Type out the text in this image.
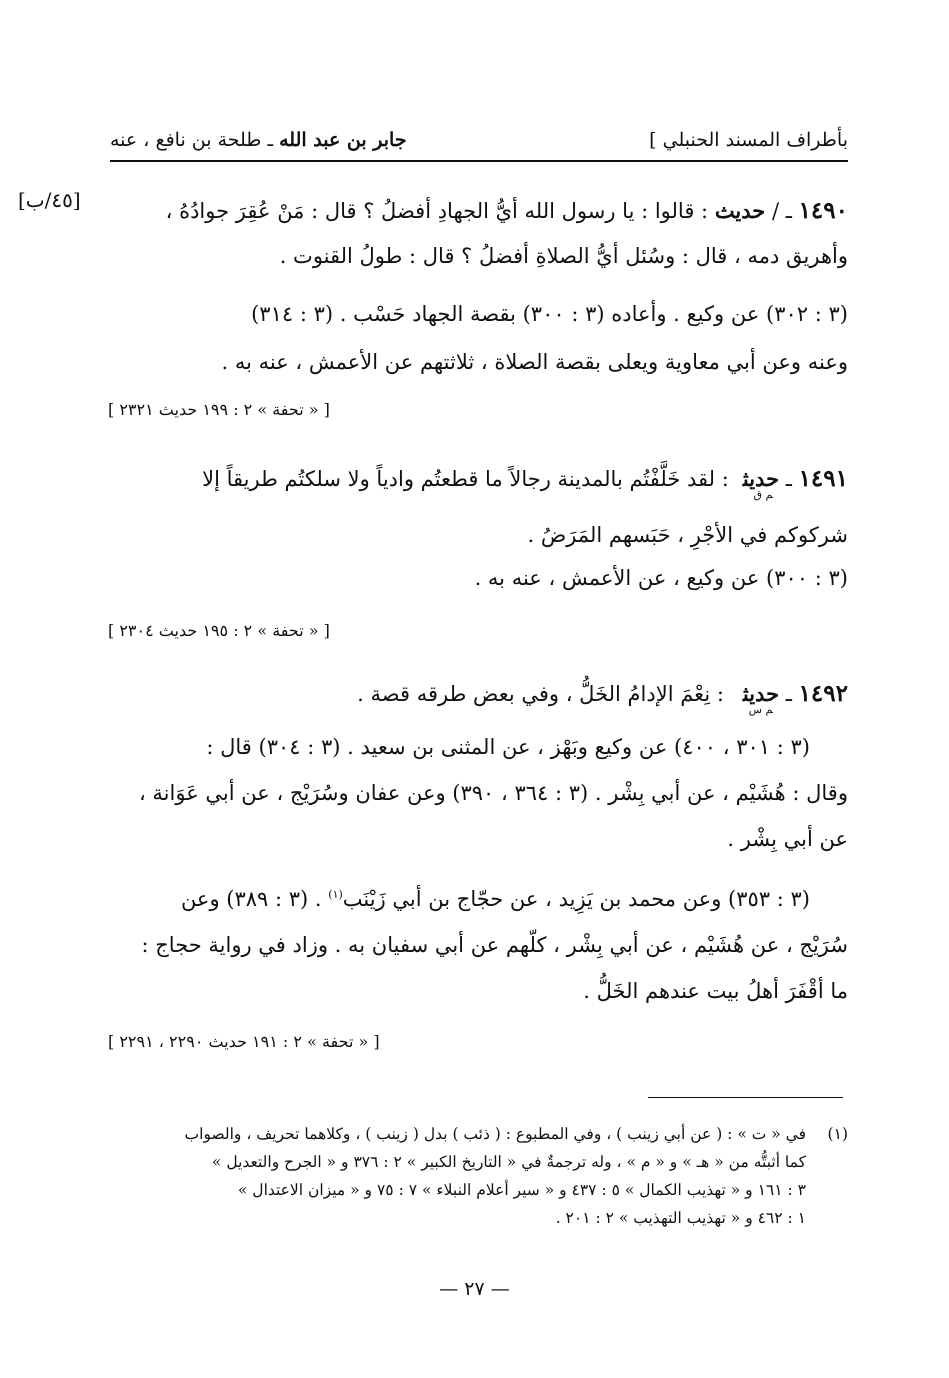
بأطراف المسند الحنبلي ]
جابر بن عبد الله ـ طلحة بن نافع ، عنه
[٤٥/ب]	١٤٩٠ ـ / حديث : قالوا : يا رسول الله أيُّ الجهادِ أفضلُ ؟ قال : مَنْ عُقِرَ جوادُهُ ،
وأهريق دمه ، قال : وسُئل أيُّ الصلاةِ أفضلُ ؟ قال : طولُ القنوت .
(٣ : ٣٠٢) عن وكيع . وأعاده (٣ : ٣٠٠) بقصة الجهاد حَسْب . (٣ : ٣١٤)
وعنه وعن أبي معاوية ويعلى بقصة الصلاة ، ثلاثتهم عن الأعمش ، عنه به .
[ « تحفة » ٢ : ١٩٩ حديث ٢٣٢١ ]
١٤٩١ ـ حديث$_{م ق}$ : لقد خَلَّفْتُم بالمدينة رجالاً ما قطعتُم وادياً ولا سلكتُم طريقاً إلا
شركوكم في الأجْرِ ، حَبَسهم المَرَضُ .
(٣ : ٣٠٠) عن وكيع ، عن الأعمش ، عنه به .
[ « تحفة » ٢ : ١٩٥ حديث ٢٣٠٤ ]
١٤٩٢ ـ حديث$_{م س}$ : نِعْمَ الإدامُ الخَلُّ ، وفي بعض طرقه قصة .
(٣ : ٣٠١ ، ٤٠٠) عن وكيع وبَهْز ، عن المثنى بن سعيد . (٣ : ٣٠٤) قال :
وقال : هُشَيْم ، عن أبي بِشْر . (٣ : ٣٦٤ ، ٣٩٠) وعن عفان وسُرَيْج ، عن أبي عَوَانة ،
عن أبي بِشْر .
(٣ : ٣٥٣) وعن محمد بن يَزِيد ، عن حجّاج بن أبي زَيْنَب$^{(١)}$ . (٣ : ٣٨٩) وعن
سُرَيْج ، عن هُشَيْم ، عن أبي بِشْر ، كلّهم عن أبي سفيان به . وزاد في رواية حجاج :
ما أقْفَرَ أهلُ بيت عندهم الخَلُّ .
[ « تحفة » ٢ : ١٩١ حديث ٢٢٩٠ ، ٢٢٩١ ]
(١)
في « ت » : ( عن أبي زينب ) ، وفي المطبوع : ( ذئب ) بدل ( زينب ) ، وكلاهما تحريف ، والصواب
كما أثبتُّه من « هـ » و « م » ، وله ترجمةٌ في « التاريخ الكبير » ٢ : ٣٧٦ و « الجرح والتعديل »
٣ : ١٦١ و « تهذيب الكمال » ٥ : ٤٣٧ و « سير أعلام النبلاء » ٧ : ٧٥ و « ميزان الاعتدال »
١ : ٤٦٢ و « تهذيب التهذيب » ٢ : ٢٠١ .
— ٢٧ —
